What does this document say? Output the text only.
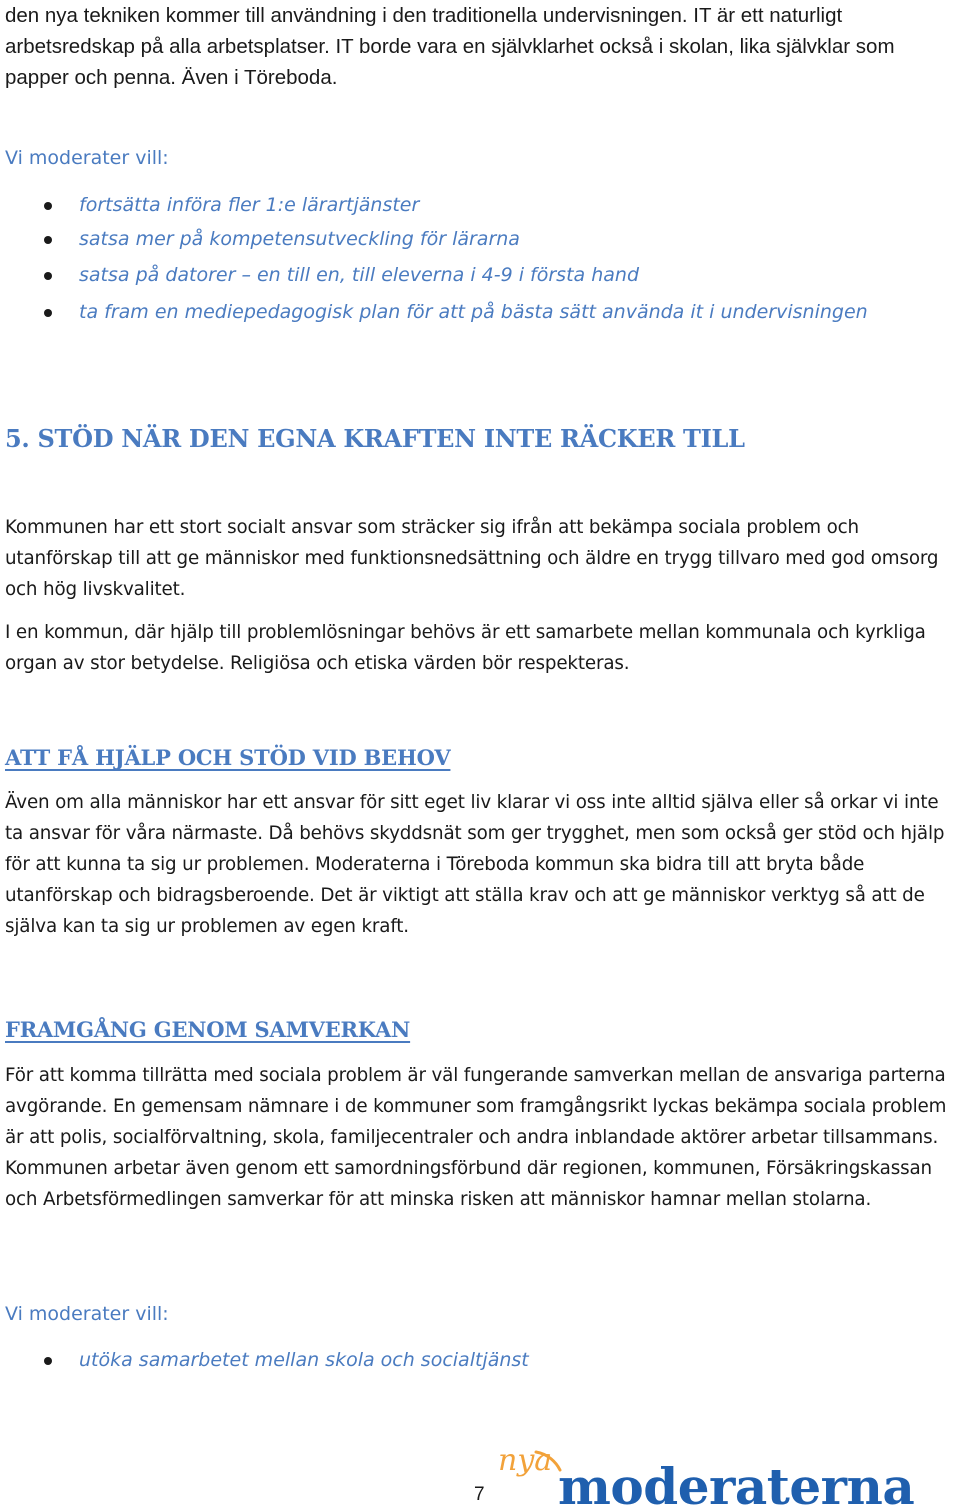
den nya tekniken kommer till användning i den traditionella undervisningen. IT är ett naturligt arbetsredskap på alla arbetsplatser. IT borde vara en självklarhet också i skolan, lika självklar som papper och penna. Även i Töreboda.

Vi moderater vill:

fortsätta införa fler 1:e lärartjänster
satsa mer på kompetensutveckling för lärarna
satsa på datorer – en till en, till eleverna i 4-9 i första hand
ta fram en mediepedagogisk plan för att på bästa sätt använda it i undervisningen
5. STÖD NÄR DEN EGNA KRAFTEN INTE RÄCKER TILL

Kommunen har ett stort socialt ansvar som sträcker sig ifrån att bekämpa sociala problem och utanförskap till att ge människor med funktionsnedsättning och äldre en trygg tillvaro med god omsorg och hög livskvalitet.

I en kommun, där hjälp till problemlösningar behövs är ett samarbete mellan kommunala och kyrkliga organ av stor betydelse. Religiösa och etiska värden bör respekteras.

ATT FÅ HJÄLP OCH STÖD VID BEHOV

Även om alla människor har ett ansvar för sitt eget liv klarar vi oss inte alltid själva eller så orkar vi inte ta ansvar för våra närmaste. Då behövs skyddsnät som ger trygghet, men som också ger stöd och hjälp för att kunna ta sig ur problemen. Moderaterna i Töreboda kommun ska bidra till att bryta både utanförskap och bidragsberoende. Det är viktigt att ställa krav och att ge människor verktyg så att de själva kan ta sig ur problemen av egen kraft.

FRAMGÅNG GENOM SAMVERKAN

För att komma tillrätta med sociala problem är väl fungerande samverkan mellan de ansvariga parterna avgörande. En gemensam nämnare i de kommuner som framgångsrikt lyckas bekämpa sociala problem är att polis, socialförvaltning, skola, familjecentraler och andra inblandade aktörer arbetar tillsammans. Kommunen arbetar även genom ett samordningsförbund där regionen, kommunen, Försäkringskassan och Arbetsförmedlingen samverkar för att minska risken att människor hamnar mellan stolarna.

Vi moderater vill:

utöka samarbetet mellan skola och socialtjänst
7
nya moderaterna
